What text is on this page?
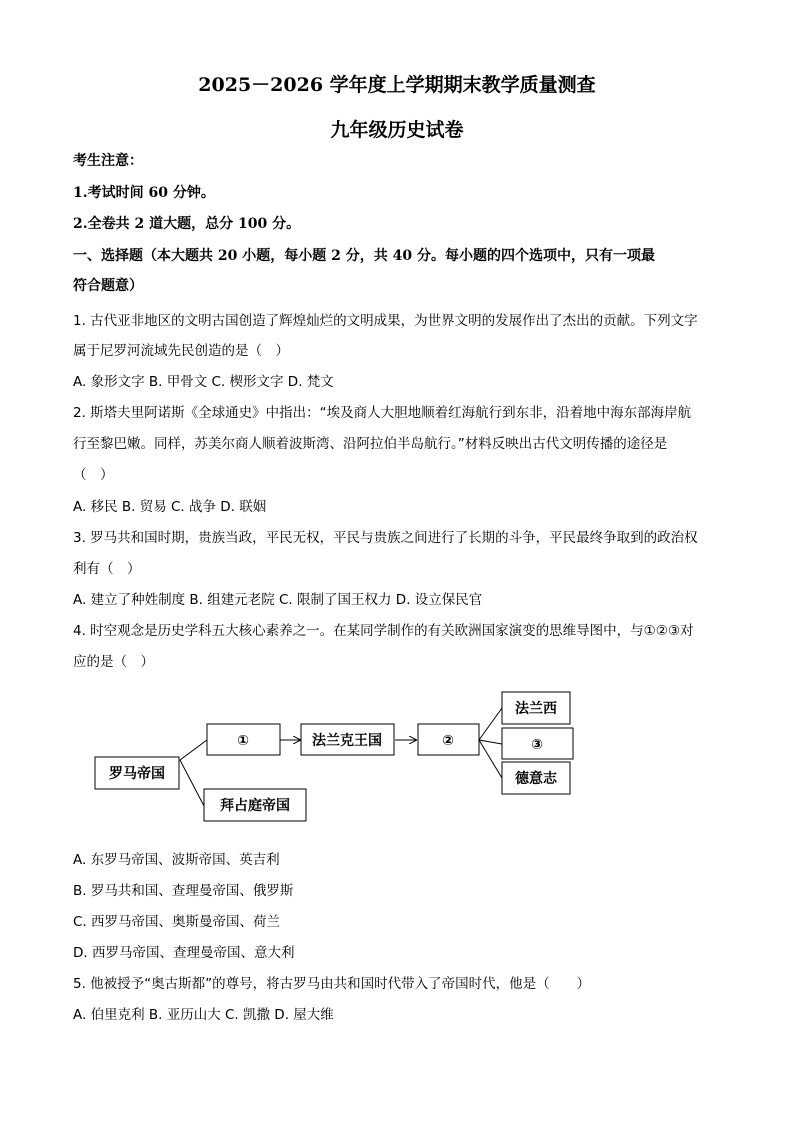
2025－2026 学年度上学期期末教学质量测查
九年级历史试卷
考生注意：
1.考试时间 60 分钟。
2.全卷共 2 道大题，总分 100 分。
一、选择题（本大题共 20 小题，每小题 2 分，共 40 分。每小题的四个选项中，只有一项最
符合题意）
1. 古代亚非地区的文明古国创造了辉煌灿烂的文明成果，为世界文明的发展作出了杰出的贡献。下列文字
属于尼罗河流域先民创造的是（　）
A. 象形文字 B. 甲骨文 C. 楔形文字 D. 梵文
2. 斯塔夫里阿诺斯《全球通史》中指出：“埃及商人大胆地顺着红海航行到东非，沿着地中海东部海岸航
行至黎巴嫩。同样，苏美尔商人顺着波斯湾、沿阿拉伯半岛航行。”材料反映出古代文明传播的途径是
（　）
A. 移民 B. 贸易 C. 战争 D. 联姻
3. 罗马共和国时期，贵族当政，平民无权，平民与贵族之间进行了长期的斗争，平民最终争取到的政治权
利有（　）
A. 建立了种姓制度 B. 组建元老院 C. 限制了国王权力 D. 设立保民官
4. 时空观念是历史学科五大核心素养之一。在某同学制作的有关欧洲国家演变的思维导图中，与①②③对
应的是（　）
罗马帝国
①	法兰克王国	②
法兰西
③
德意志
拜占庭帝国
A. 东罗马帝国、波斯帝国、英吉利
B. 罗马共和国、查理曼帝国、俄罗斯
C. 西罗马帝国、奥斯曼帝国、荷兰
D. 西罗马帝国、查理曼帝国、意大利
5. 他被授予“奥古斯都”的尊号，将古罗马由共和国时代带入了帝国时代，他是（　　）
A. 伯里克利 B. 亚历山大 C. 凯撒 D. 屋大维
